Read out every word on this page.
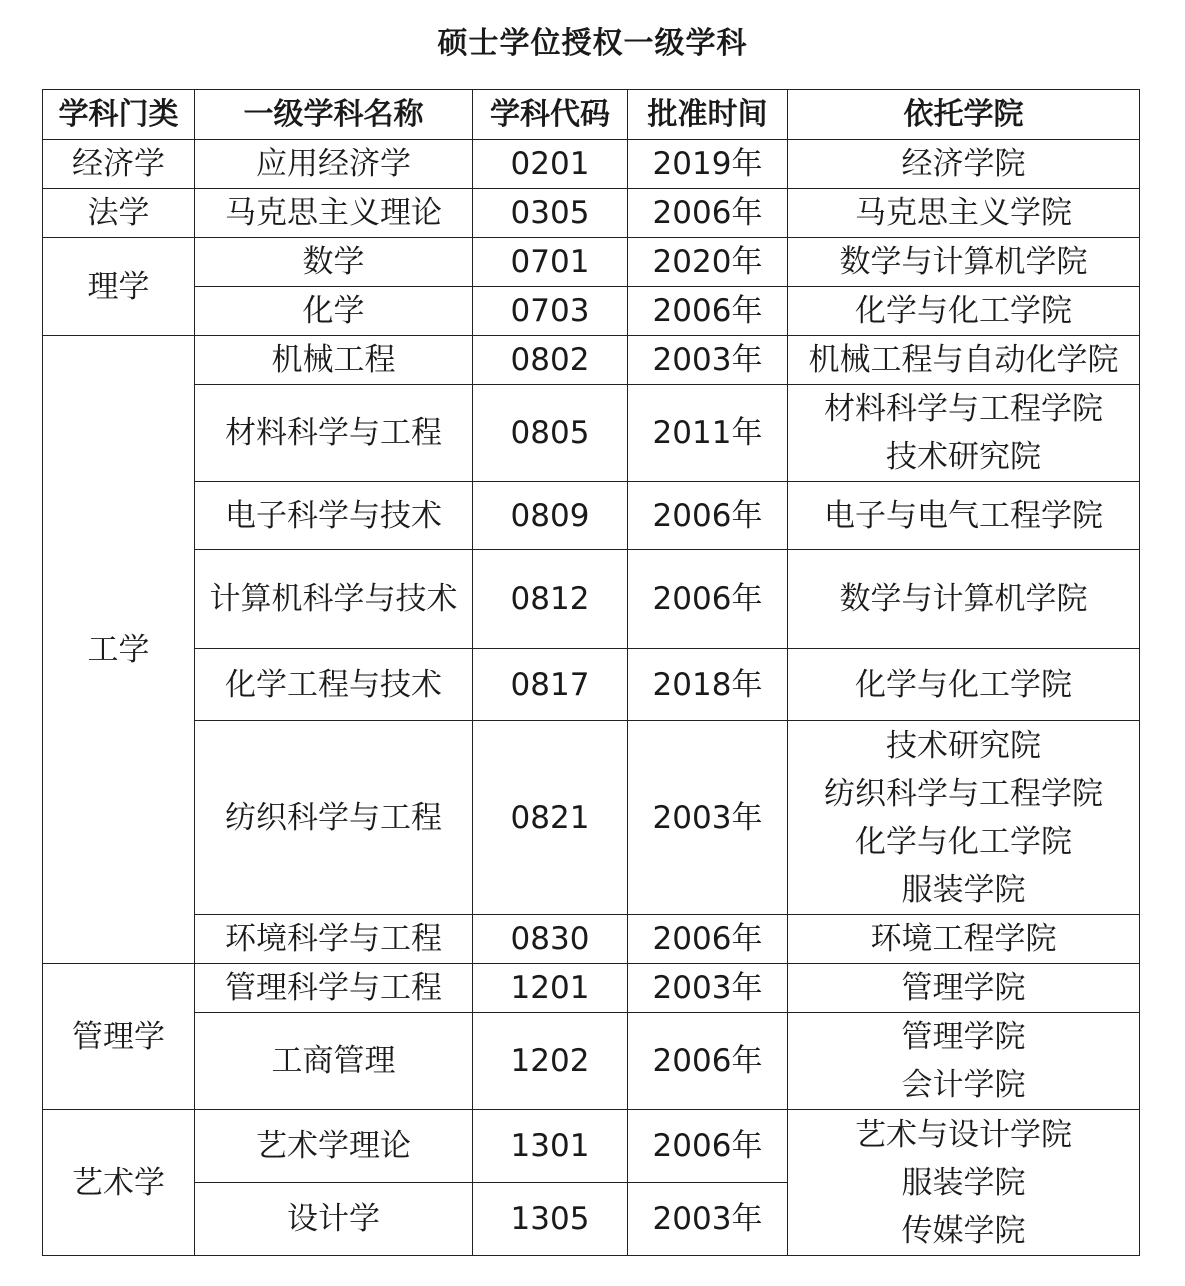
硕士学位授权一级学科
学科门类	一级学科名称	学科代码	批准时间	依托学院
经济学	应用经济学	0201	2019年	经济学院

法学	马克思主义理论	0305	2006年	马克思主义学院

理学	数学	0701	2020年	数学与计算机学院

	化学	0703	2006年	化学与化工学院

工学	机械工程	0802	2003年	机械工程与自动化学院

	材料科学与工程	0805	2011年	材料科学与工程学院
技术研究院

	电子科学与技术	0809	2006年	电子与电气工程学院

	计算机科学与技术	0812	2006年	数学与计算机学院

	化学工程与技术	0817	2018年	化学与化工学院

	纺织科学与工程	0821	2003年	技术研究院
纺织科学与工程学院
化学与化工学院
服装学院

	环境科学与工程	0830	2006年	环境工程学院

管理学	管理科学与工程	1201	2003年	管理学院

	工商管理	1202	2006年	管理学院
会计学院

艺术学	艺术学理论	1301	2006年	艺术与设计学院
服装学院
传媒学院

	设计学	1305	2003年	
